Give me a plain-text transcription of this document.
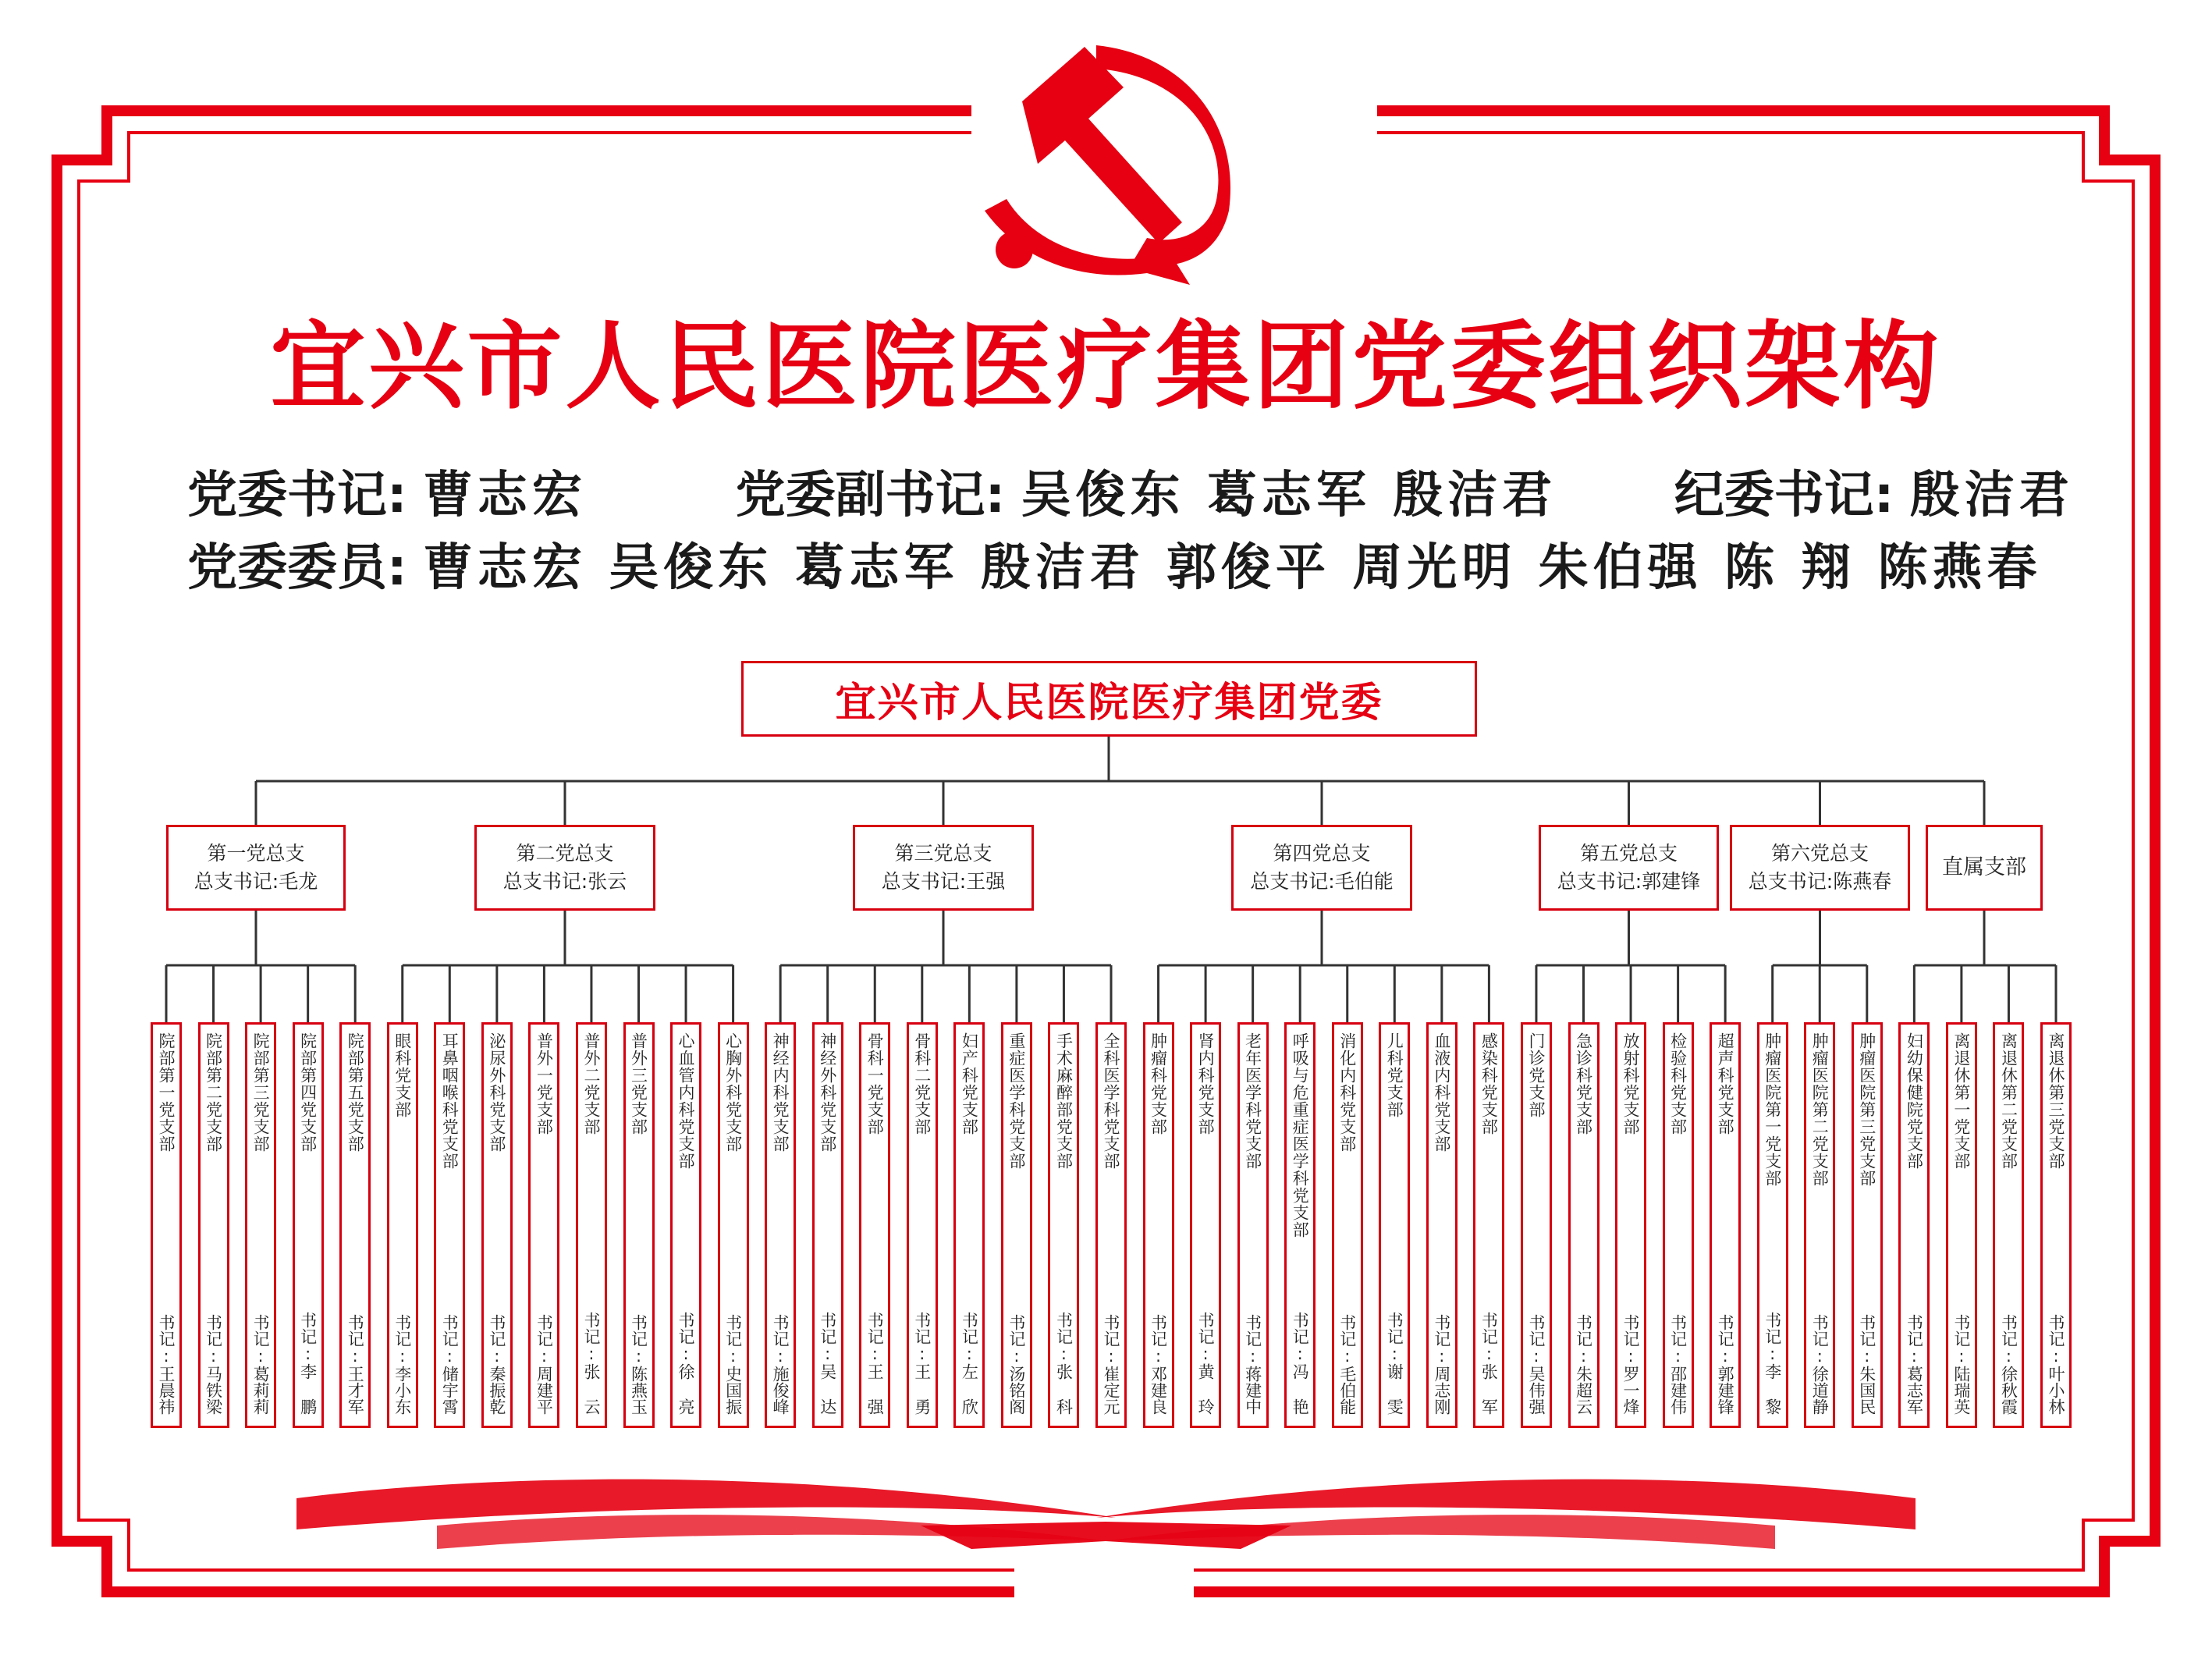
宜兴市人民医院医疗集团党委组织架构
党委书记: 曹志宏	党委副书记: 吴俊东 葛志军 殷洁君 纪委书记: 殷洁君
党委委员: 曹志宏 吴俊东 葛志军 殷洁君 郭俊平 周光明 朱伯强 陈 翔 陈燕春
宜兴市人民医院医疗集团党委
第一党总支
总支书记:毛龙
院部第一党支部
书记:王晨祎
院部第二党支部
书记:马铁梁
院部第三党支部
书记:葛莉莉
院部第四党支部
书记:李 鹏
院部第五党支部
书记:王才军
第二党总支
总支书记:张云
眼科党支部
书记:李小东
耳鼻咽喉科党支部
书记:储宇霄
泌尿外科党支部
书记:秦振乾
普外一党支部
书记:周建平
普外二党支部
书记:张 云
普外三党支部
书记:陈燕玉
心血管内科党支部
书记:徐 亮
心胸外科党支部
书记:史国振
第三党总支
总支书记:王强
神经内科党支部
书记:施俊峰
神经外科党支部
书记:吴 达
骨科一党支部
书记:王 强
骨科二党支部
书记:王 勇
妇产科党支部
书记:左 欣
重症医学科党支部
书记:汤铭阁
手术麻醉部党支部
书记:张 科
全科医学科党支部
书记:崔定元
第四党总支
总支书记:毛伯能
肿瘤科党支部
书记:邓建良
肾内科党支部
书记:黄 玲
老年医学科党支部
书记:蒋建中
呼吸与危重症医学科党支部
书记:冯 艳
消化内科党支部
书记:毛伯能
儿科党支部
书记:谢 雯
血液内科党支部
书记:周志刚
感染科党支部
书记:张 军
第五党总支
总支书记:郭建锋
门诊党支部
书记:吴伟强
急诊科党支部
书记:朱超云
放射科党支部
书记:罗一烽
检验科党支部
书记:邵建伟
超声科党支部
书记:郭建锋
第六党总支
总支书记:陈燕春
肿瘤医院第一党支部
书记:李 黎
肿瘤医院第二党支部
书记:徐道静
肿瘤医院第三党支部
书记:朱国民
直属支部
妇幼保健院党支部
书记:葛志军
离退休第一党支部
书记:陆瑞英
离退休第二党支部
书记:徐秋霞
离退休第三党支部
书记:叶小林
